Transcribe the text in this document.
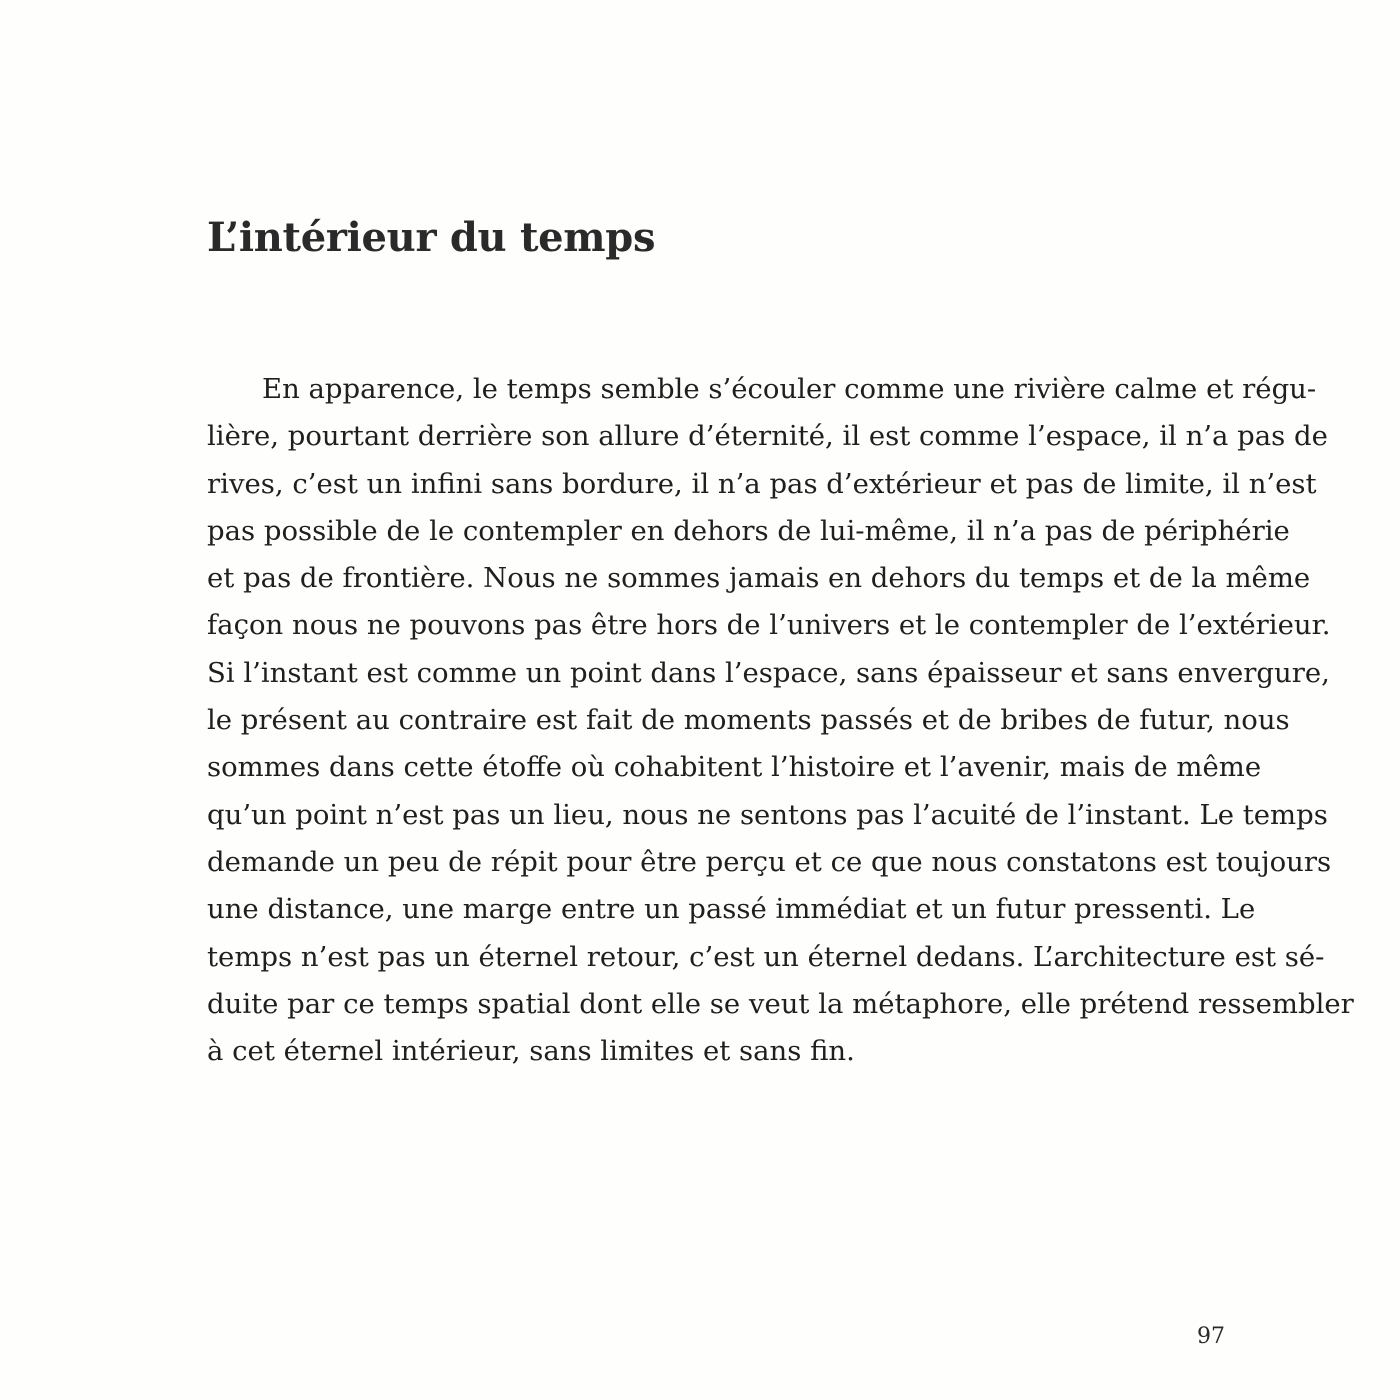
L’intérieur du temps

En apparence, le temps semble s’écouler comme une rivière calme et régu-
lière, pourtant derrière son allure d’éternité, il est comme l’espace, il n’a pas de
rives, c’est un infini sans bordure, il n’a pas d’extérieur et pas de limite, il n’est
pas possible de le contempler en dehors de lui-même, il n’a pas de périphérie
et pas de frontière. Nous ne sommes jamais en dehors du temps et de la même
façon nous ne pouvons pas être hors de l’univers et le contempler de l’extérieur.
Si l’instant est comme un point dans l’espace, sans épaisseur et sans envergure,
le présent au contraire est fait de moments passés et de bribes de futur, nous
sommes dans cette étoffe où cohabitent l’histoire et l’avenir, mais de même
qu’un point n’est pas un lieu, nous ne sentons pas l’acuité de l’instant. Le temps
demande un peu de répit pour être perçu et ce que nous constatons est toujours
une distance, une marge entre un passé immédiat et un futur pressenti. Le
temps n’est pas un éternel retour, c’est un éternel dedans. L’architecture est sé-
duite par ce temps spatial dont elle se veut la métaphore, elle prétend ressembler
à cet éternel intérieur, sans limites et sans fin.

97
